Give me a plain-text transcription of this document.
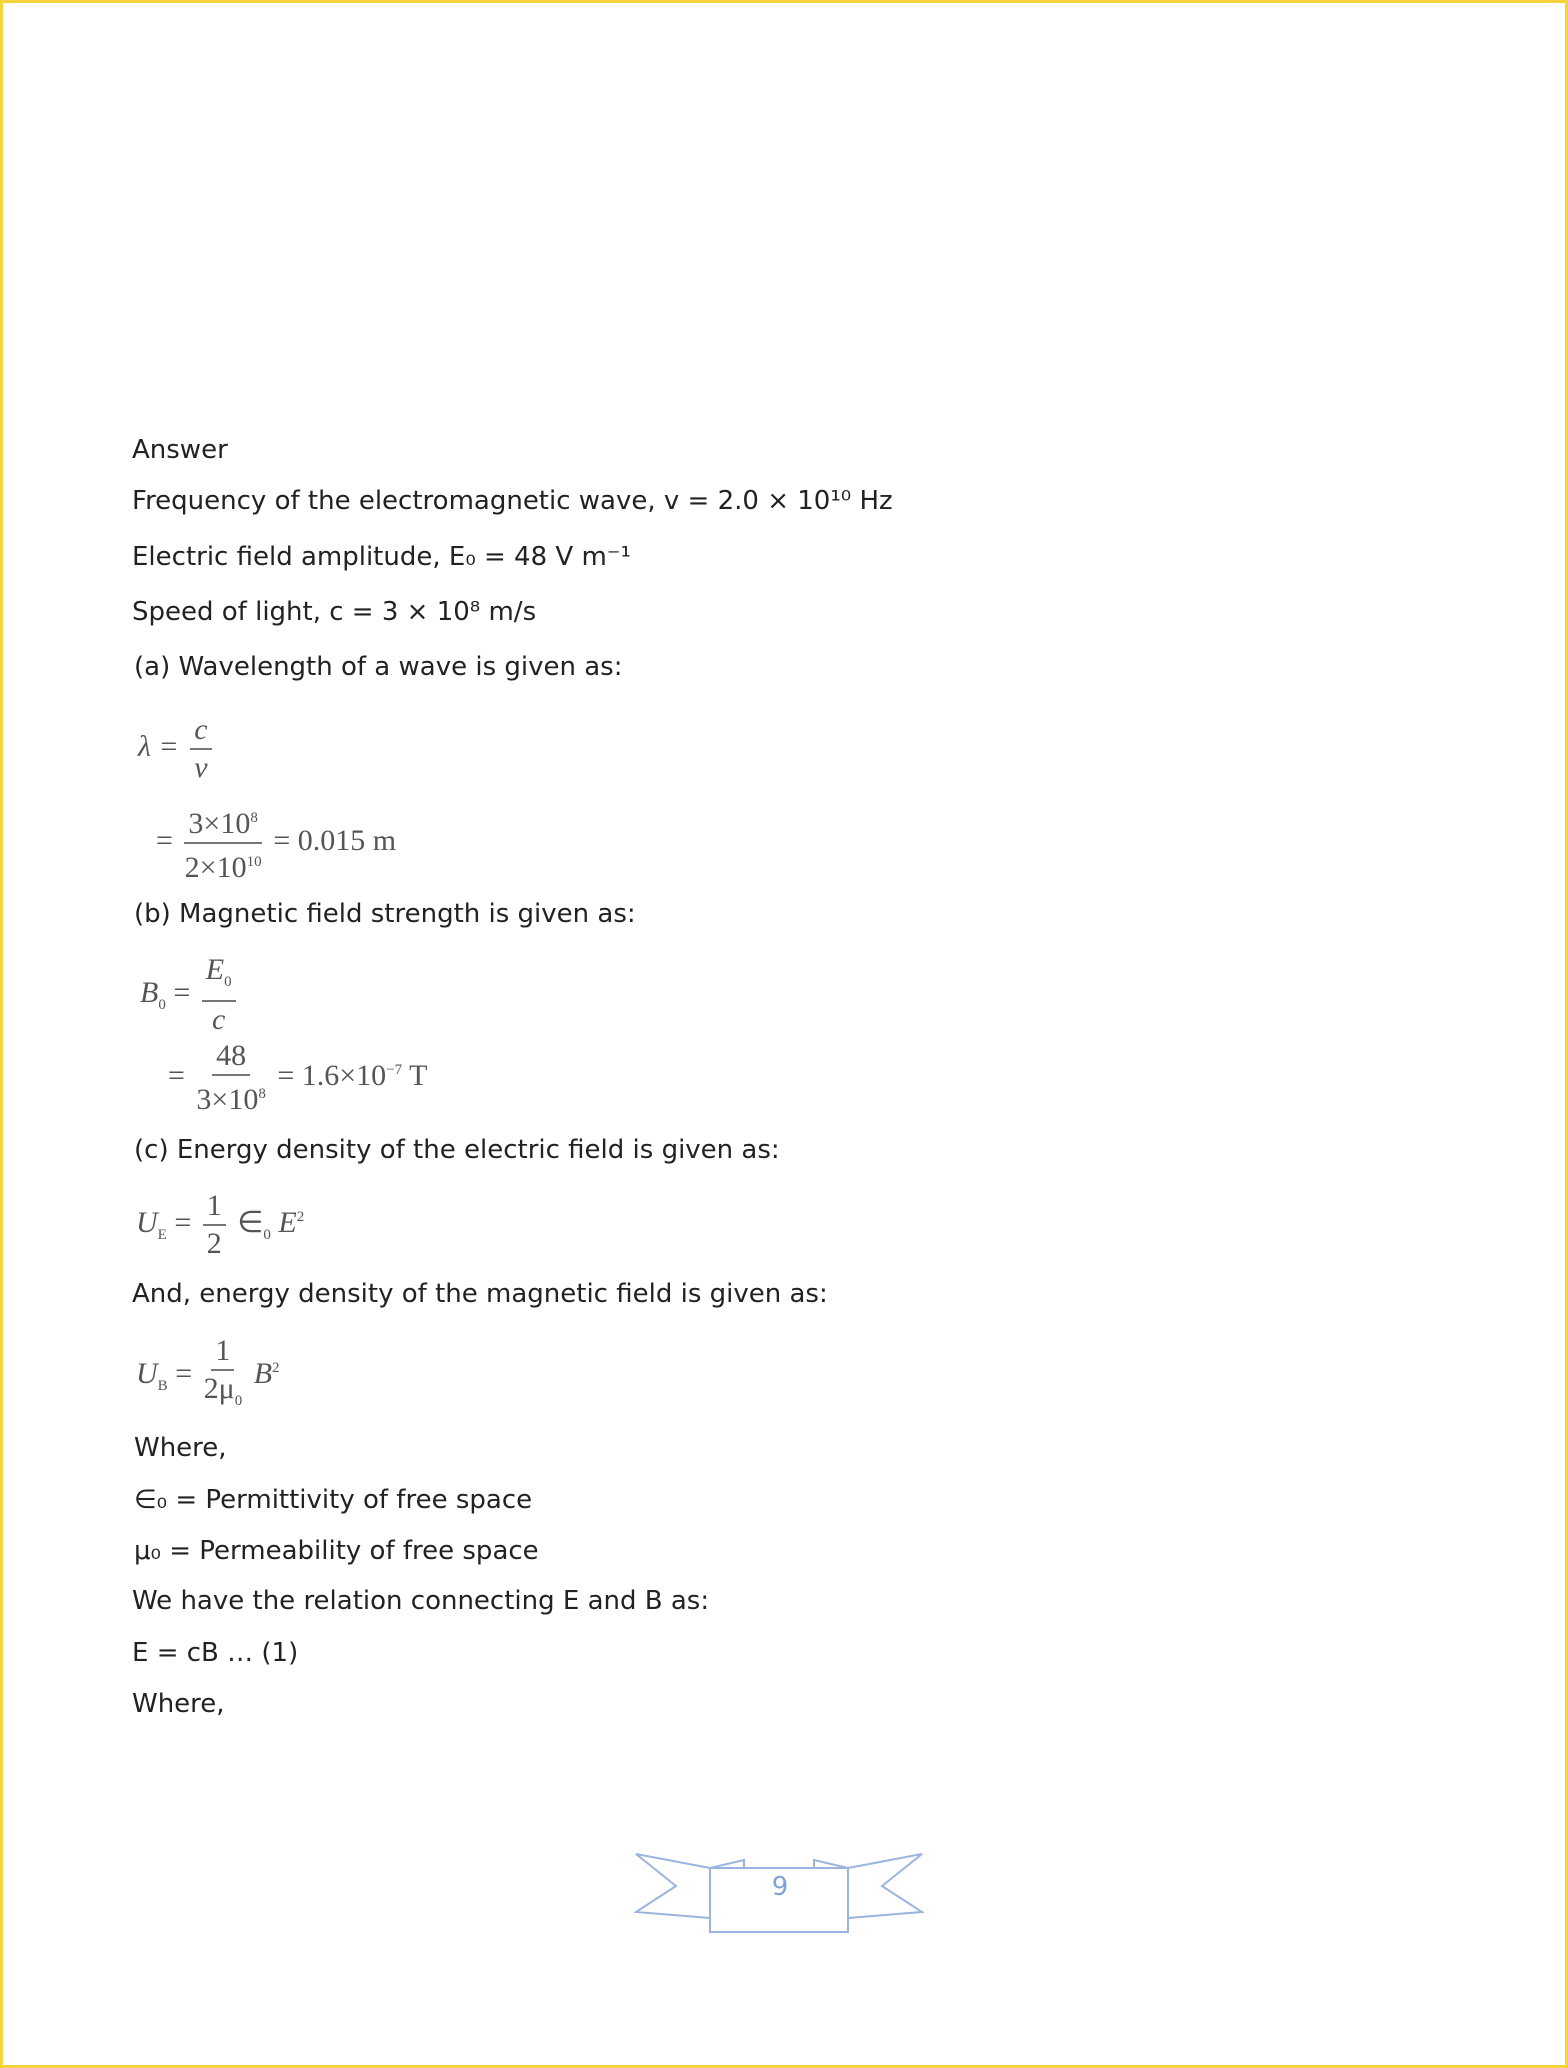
Answer
Frequency of the electromagnetic wave, v = 2.0 × 10¹⁰ Hz
Electric field amplitude, E₀ = 48 V m⁻¹
Speed of light, c = 3 × 10⁸ m/s
(a) Wavelength of a wave is given as:
$\lambda = \frac{c}{\nu}$
= $\frac{3\times 10^8}{2\times 10^{10}} = 0.015$ m
(b) Magnetic field strength is given as:
$B_0 = \frac{E_0}{c}$
= $\frac{48}{3\times 10^8} = 1.6\times 10^{-7}$ T
(c) Energy density of the electric field is given as:
$U_E = \frac{1}{2}$ $\in_0$ $E^2$
And, energy density of the magnetic field is given as:
$U_B = \frac{1}{2\mu_0} B^2$
Where,
∈₀ = Permittivity of free space
μ₀ = Permeability of free space
We have the relation connecting E and B as:
E = cB … (1)
Where,
9
